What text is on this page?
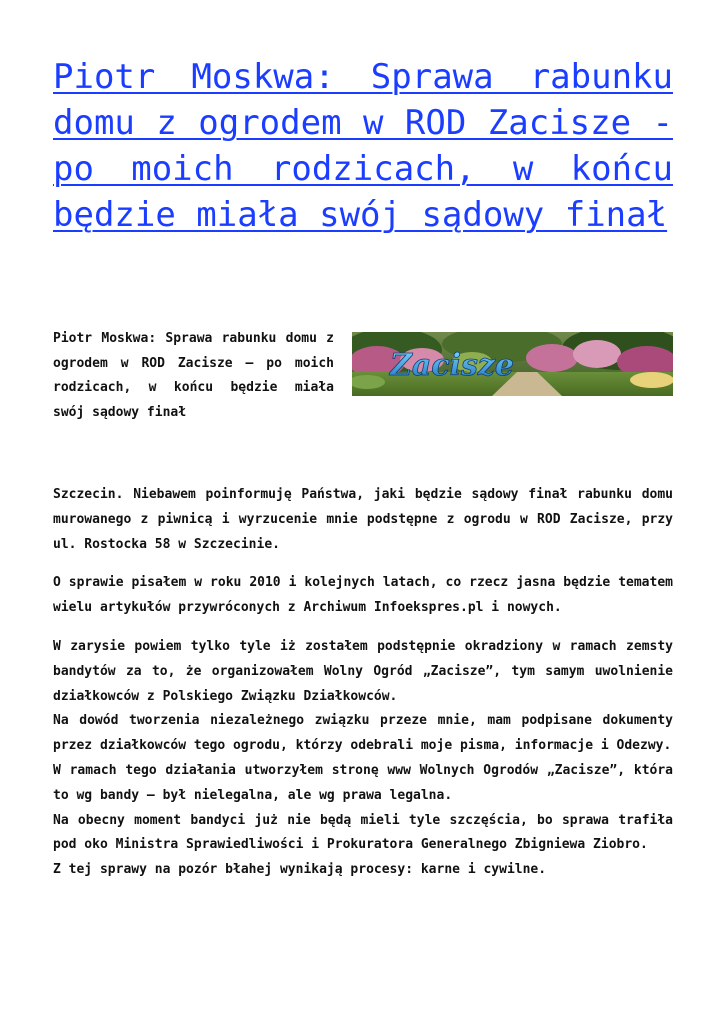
Piotr Moskwa: Sprawa rabunku domu z ogrodem w ROD Zacisze - po moich rodzicach, w końcu będzie miała swój sądowy finał

Piotr Moskwa: Sprawa rabunku domu z ogrodem w ROD Zacisze – po moich rodzicach, w końcu będzie miała swój sądowy finał

Zacisze

Szczecin. Niebawem poinformuję Państwa, jaki będzie sądowy finał rabunku domu murowanego z piwnicą i wyrzucenie mnie podstępne z ogrodu w ROD Zacisze, przy ul. Rostocka 58 w Szczecinie.

O sprawie pisałem w roku 2010 i kolejnych latach, co rzecz jasna będzie tematem wielu artykułów przywróconych z Archiwum Infoekspres.pl i nowych.

W zarysie powiem tylko tyle iż zostałem podstępnie okradziony w ramach zemsty bandytów za to, że organizowałem Wolny Ogród „Zacisze”, tym samym uwolnienie działkowców z Polskiego Związku Działkowców.
Na dowód tworzenia niezależnego związku przeze mnie, mam podpisane dokumenty przez działkowców tego ogrodu, którzy odebrali moje pisma, informacje i Odezwy.
W ramach tego działania utworzyłem stronę www Wolnych Ogrodów „Zacisze”, która to wg bandy – był nielegalna, ale wg prawa legalna.
Na obecny moment bandyci już nie będą mieli tyle szczęścia, bo sprawa trafiła pod oko Ministra Sprawiedliwości i Prokuratora Generalnego Zbigniewa Ziobro.
Z tej sprawy na pozór błahej wynikają procesy: karne i cywilne.
